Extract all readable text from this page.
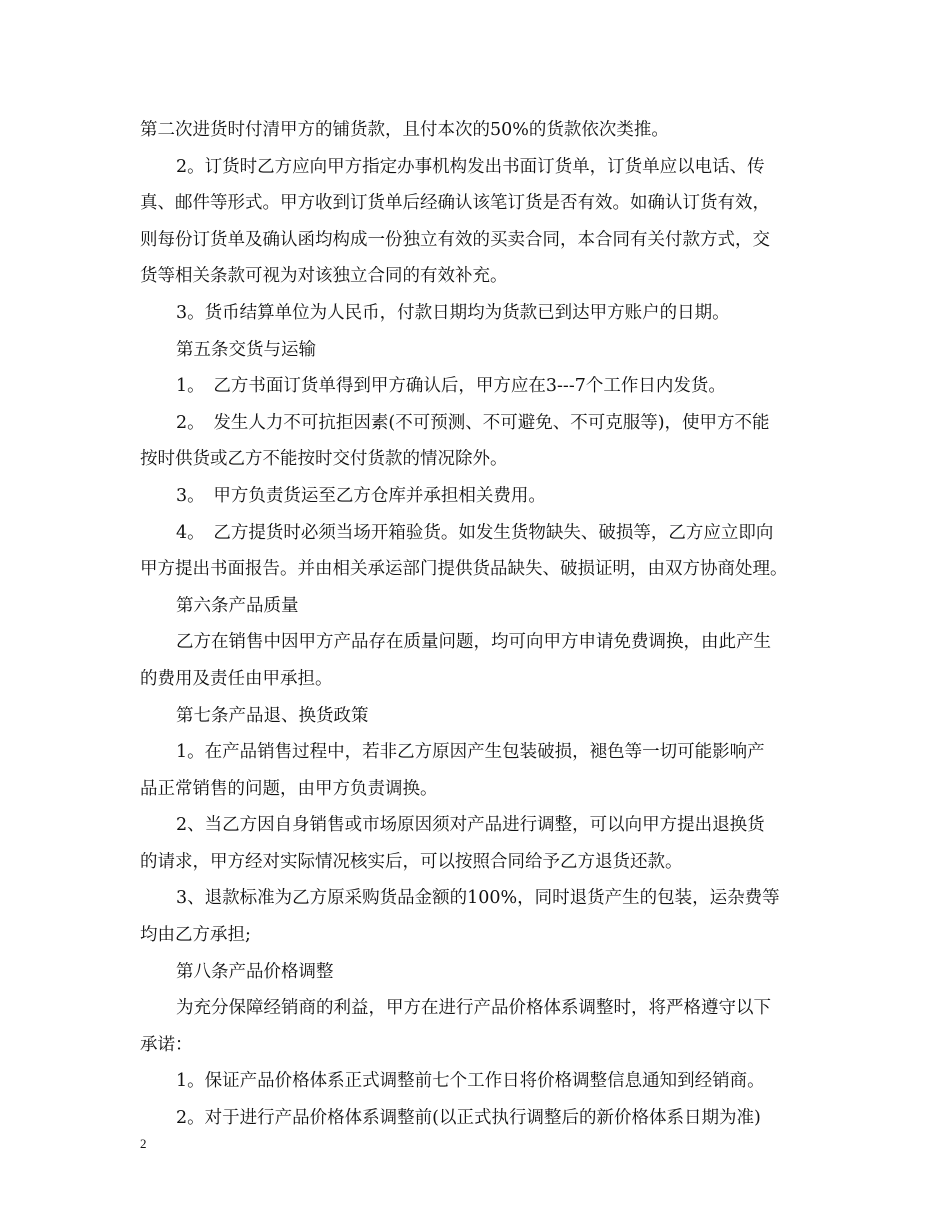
第二次进货时付清甲方的铺货款，且付本次的50%的货款依次类推。
2。订货时乙方应向甲方指定办事机构发出书面订货单，订货单应以电话、传
真、邮件等形式。甲方收到订货单后经确认该笔订货是否有效。如确认订货有效，
则每份订货单及确认函均构成一份独立有效的买卖合同，本合同有关付款方式，交
货等相关条款可视为对该独立合同的有效补充。
3。货币结算单位为人民币，付款日期均为货款已到达甲方账户的日期。
第五条交货与运输
1。　乙方书面订货单得到甲方确认后，甲方应在3---7个工作日内发货。
2。　发生人力不可抗拒因素(不可预测、不可避免、不可克服等)，使甲方不能
按时供货或乙方不能按时交付货款的情况除外。
3。　甲方负责货运至乙方仓库并承担相关费用。
4。　乙方提货时必须当场开箱验货。如发生货物缺失、破损等，乙方应立即向
甲方提出书面报告。并由相关承运部门提供货品缺失、破损证明，由双方协商处理。
第六条产品质量
乙方在销售中因甲方产品存在质量问题，均可向甲方申请免费调换，由此产生
的费用及责任由甲承担。
第七条产品退、换货政策
1。在产品销售过程中，若非乙方原因产生包装破损，褪色等一切可能影响产
品正常销售的问题，由甲方负责调换。
2、当乙方因自身销售或市场原因须对产品进行调整，可以向甲方提出退换货
的请求，甲方经对实际情况核实后，可以按照合同给予乙方退货还款。
3、退款标准为乙方原采购货品金额的100%，同时退货产生的包装，运杂费等
均由乙方承担;
第八条产品价格调整
为充分保障经销商的利益，甲方在进行产品价格体系调整时，将严格遵守以下
承诺：
1。保证产品价格体系正式调整前七个工作日将价格调整信息通知到经销商。
2。对于进行产品价格体系调整前(以正式执行调整后的新价格体系日期为准)
2
